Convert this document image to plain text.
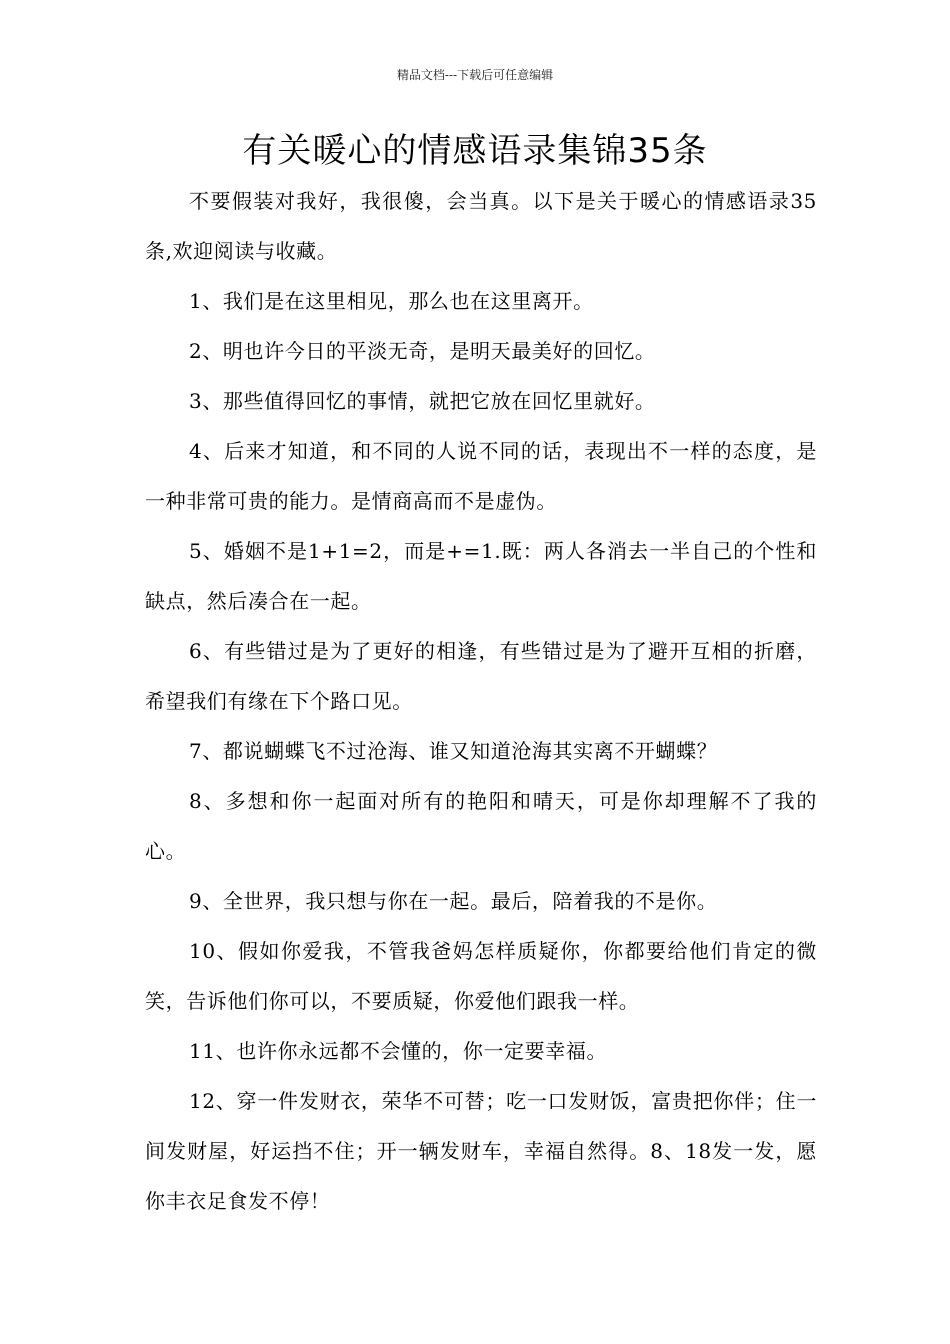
精品文档---下载后可任意编辑
有关暖心的情感语录集锦35条

不要假装对我好，我很傻，会当真。以下是关于暖心的情感语录35条,欢迎阅读与收藏。

1、我们是在这里相见，那么也在这里离开。

2、明也许今日的平淡无奇，是明天最美好的回忆。

3、那些值得回忆的事情，就把它放在回忆里就好。

4、后来才知道，和不同的人说不同的话，表现出不一样的态度，是一种非常可贵的能力。是情商高而不是虚伪。

5、婚姻不是1+1=2，而是+=1.既：两人各消去一半自己的个性和缺点，然后凑合在一起。

6、有些错过是为了更好的相逢，有些错过是为了避开互相的折磨，希望我们有缘在下个路口见。

7、都说蝴蝶飞不过沧海、谁又知道沧海其实离不开蝴蝶？

8、多想和你一起面对所有的艳阳和晴天，可是你却理解不了我的心。

9、全世界，我只想与你在一起。最后，陪着我的不是你。

10、假如你爱我，不管我爸妈怎样质疑你，你都要给他们肯定的微笑，告诉他们你可以，不要质疑，你爱他们跟我一样。

11、也许你永远都不会懂的，你一定要幸福。

12、穿一件发财衣，荣华不可替；吃一口发财饭，富贵把你伴；住一间发财屋，好运挡不住；开一辆发财车，幸福自然得。8、18发一发，愿你丰衣足食发不停！
